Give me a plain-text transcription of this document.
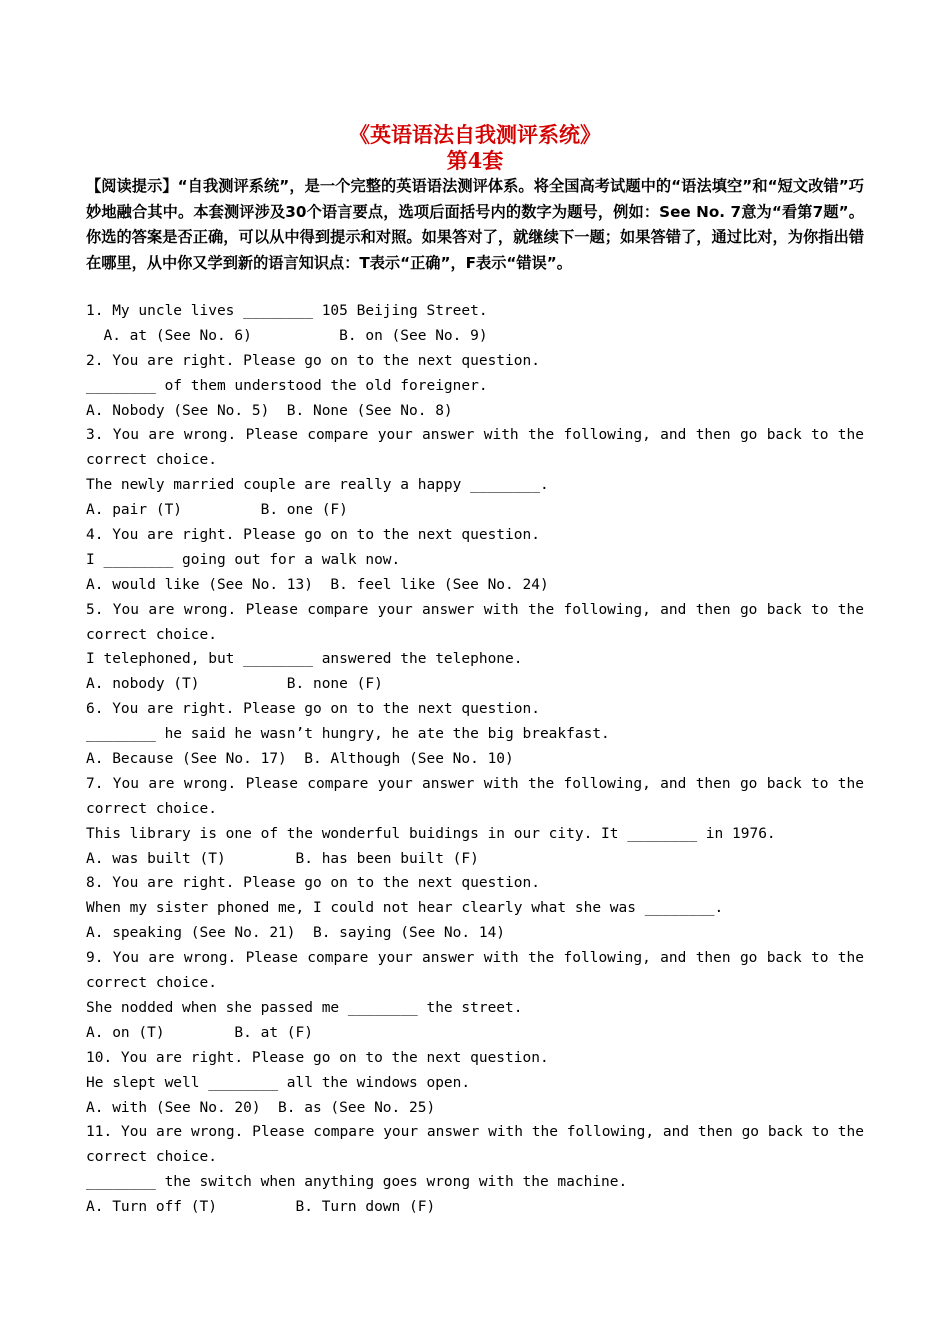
《英语语法自我测评系统》
第4套

【阅读提示】“自我测评系统”，是一个完整的英语语法测评体系。将全国高考试题中的“语法填空”和“短文改错”巧妙地融合其中。本套测评涉及30个语言要点，选项后面括号内的数字为题号，例如：See No. 7意为“看第7题”。你选的答案是否正确，可以从中得到提示和对照。如果答对了，就继续下一题；如果答错了，通过比对，为你指出错在哪里，从中你又学到新的语言知识点：T表示“正确”，F表示“错误”。

1. My uncle lives ________ 105 Beijing Street.

A. at (See No. 6)          B. on (See No. 9)

2. You are right. Please go on to the next question.

________ of them understood the old foreigner.

A. Nobody (See No. 5)  B. None (See No. 8)

3. You are wrong. Please compare your answer with the following, and then go back to the

correct choice.

The newly married couple are really a happy ________.

A. pair (T)         B. one (F)

4. You are right. Please go on to the next question.

I ________ going out for a walk now.

A. would like (See No. 13)  B. feel like (See No. 24)

5. You are wrong. Please compare your answer with the following, and then go back to the

correct choice.

I telephoned, but ________ answered the telephone.

A. nobody (T)          B. none (F)

6. You are right. Please go on to the next question.

________ he said he wasn’t hungry, he ate the big breakfast.

A. Because (See No. 17)  B. Although (See No. 10)

7. You are wrong. Please compare your answer with the following, and then go back to the

correct choice.

This library is one of the wonderful buidings in our city. It ________ in 1976.

A. was built (T)        B. has been built (F)

8. You are right. Please go on to the next question.

When my sister phoned me, I could not hear clearly what she was ________.

A. speaking (See No. 21)  B. saying (See No. 14)

9. You are wrong. Please compare your answer with the following, and then go back to the

correct choice.

She nodded when she passed me ________ the street.

A. on (T)        B. at (F)

10. You are right. Please go on to the next question.

He slept well ________ all the windows open.

A. with (See No. 20)  B. as (See No. 25)

11. You are wrong. Please compare your answer with the following, and then go back to the

correct choice.

________ the switch when anything goes wrong with the machine.

A. Turn off (T)         B. Turn down (F)
